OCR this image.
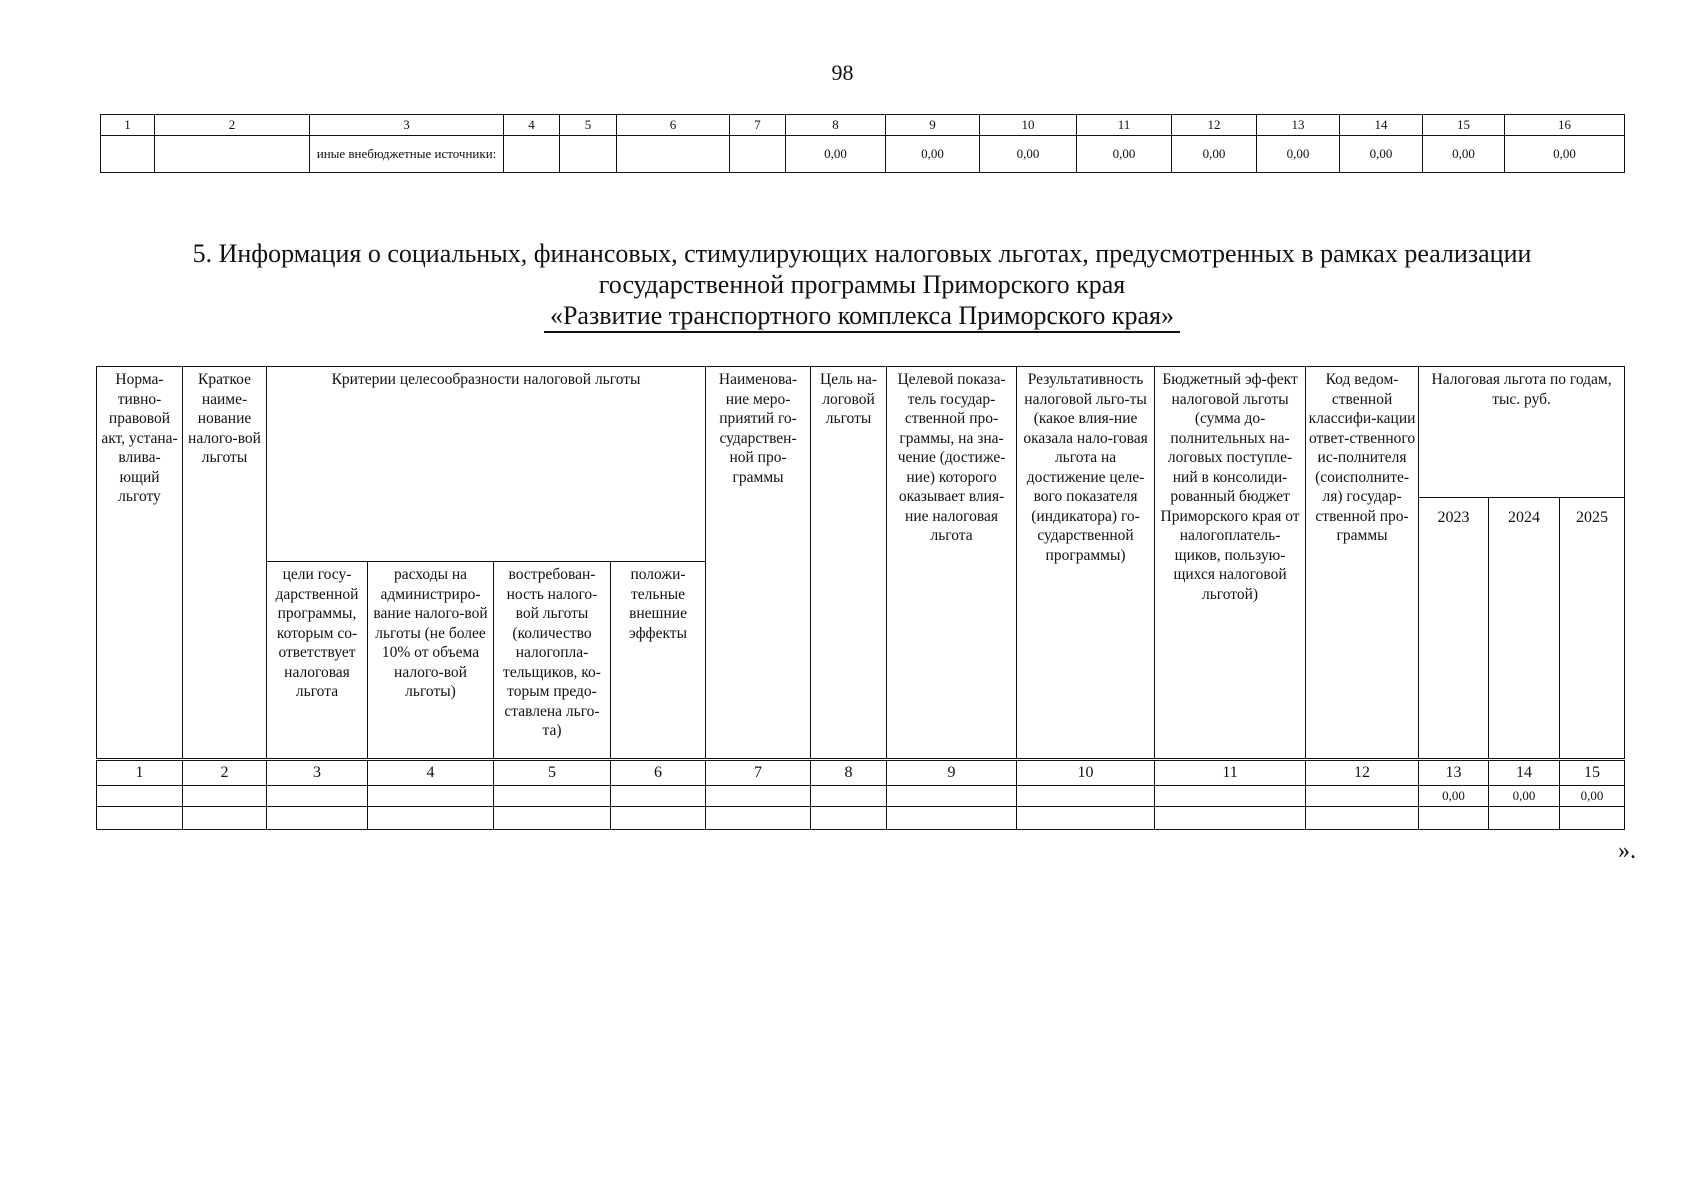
98
1	2	3	4	5	6	7	8	9	10	11	12	13	14	15	16
		иные внебюджетные источники:					0,00	0,00	0,00	0,00	0,00	0,00	0,00	0,00	0,00
5. Информация о социальных, финансовых, стимулирующих налоговых льготах, предусмотренных в рамках реализации
государственной программы Приморского края
«Развитие транспортного комплекса Приморского края»
Норма-тивно-правовой акт, устана-влива-ющий льготу	Краткое наиме-нование налого-вой льготы	Критерии целесообразности налоговой льготы				Наименова-ние меро-приятий го-сударствен-ной про-граммы	Цель на-логовой льготы	Целевой показа-тель государ-ственной про-граммы, на зна-чение (достиже-ние) которого оказывает влия-ние налоговая льгота	Результативность налоговой льго-ты (какое влия-ние оказала нало-говая льгота на достижение целе-вого показателя (индикатора) го-сударственной программы)	Бюджетный эф-фект налоговой льготы (сумма до-полнительных на-логовых поступле-ний в консолиди-рованный бюджет Приморского края от налогоплатель-щиков, пользую-щихся налоговой льготой)	Код ведом-ственной классифи-кации ответ-ственного ис-полнителя (соисполните-ля) государ-ственной про-граммы	Налоговая льгота по годам, тыс. руб.		
												2023	2024	2025
		цели госу-дарственной программы, которым со-ответствует налоговая льгота	расходы на администриро-вание налого-вой льготы (не более 10% от объема налого-вой льготы)	востребован-ность налого-вой льготы (количество налогопла-тельщиков, ко-торым предо-ставлена льго-та)	положи-тельные внешние эффекты									
1	2	3	4	5	6	7	8	9	10	11	12	13	14	15
												0,00	0,00	0,00

».
